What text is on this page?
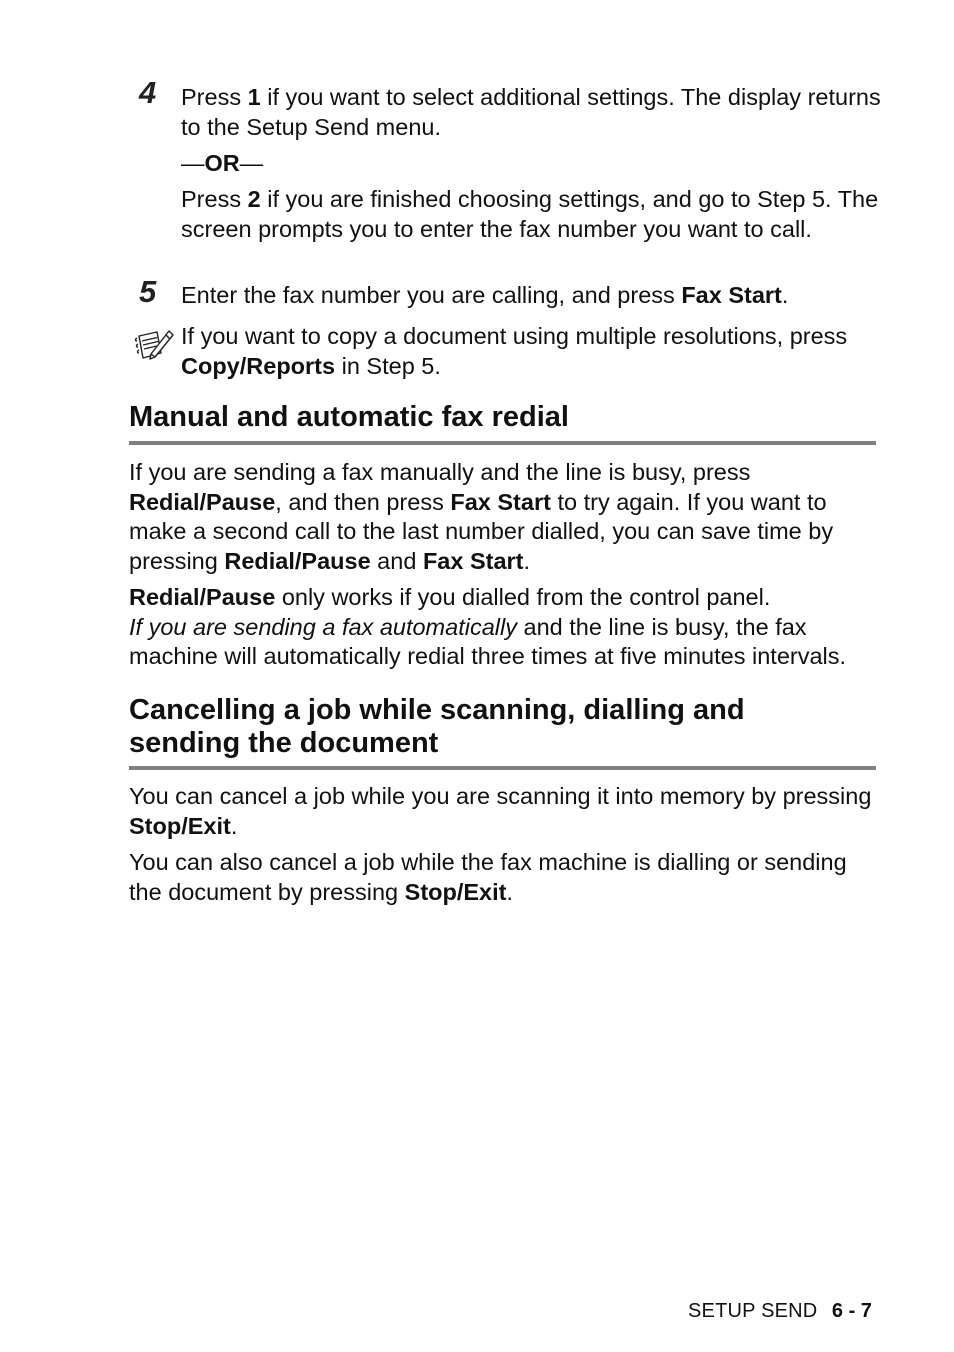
4 Press 1 if you want to select additional settings. The display returns to the Setup Send menu.
—OR—
Press 2 if you are finished choosing settings, and go to Step 5. The screen prompts you to enter the fax number you want to call.
5 Enter the fax number you are calling, and press Fax Start.
If you want to copy a document using multiple resolutions, press Copy/Reports in Step 5.
Manual and automatic fax redial
If you are sending a fax manually and the line is busy, press Redial/Pause, and then press Fax Start to try again. If you want to make a second call to the last number dialled, you can save time by pressing Redial/Pause and Fax Start.
Redial/Pause only works if you dialled from the control panel.
If you are sending a fax automatically and the line is busy, the fax machine will automatically redial three times at five minutes intervals.
Cancelling a job while scanning, dialling and
sending the document
You can cancel a job while you are scanning it into memory by pressing Stop/Exit.
You can also cancel a job while the fax machine is dialling or sending the document by pressing Stop/Exit.
SETUP SEND 6 - 7
